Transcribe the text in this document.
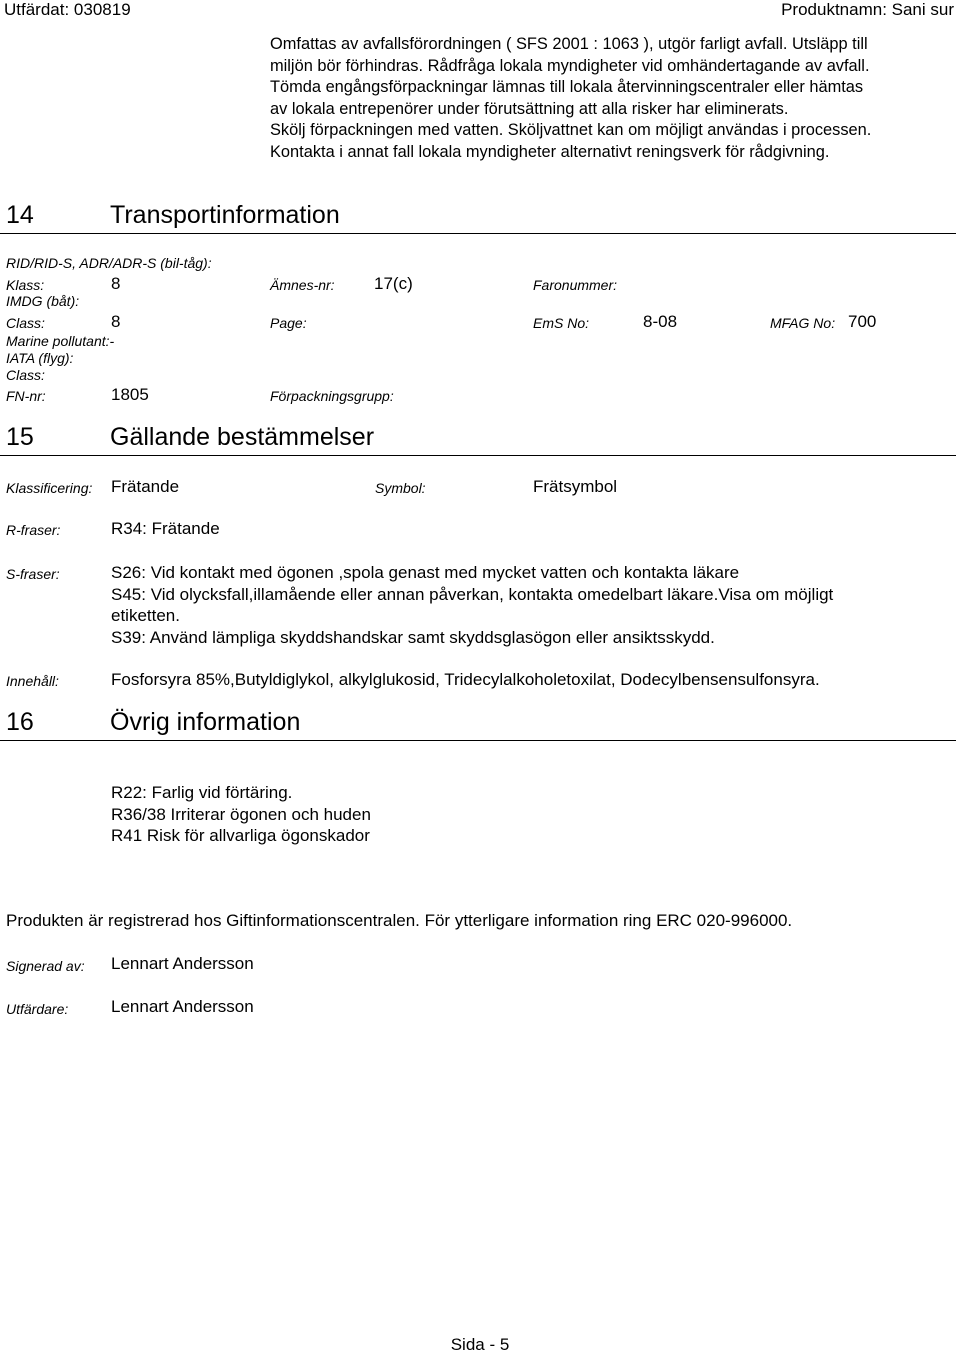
Utfärdat: 030819	Produktnamn: Sani sur
Omfattas av avfallsförordningen ( SFS 2001 : 1063 ), utgör farligt avfall. Utsläpp till
miljön bör förhindras. Rådfråga lokala myndigheter vid omhändertagande av avfall.
Tömda engångsförpackningar lämnas till lokala återvinningscentraler eller hämtas
av lokala entrepenörer under förutsättning att alla risker har eliminerats.
Skölj förpackningen med vatten. Sköljvattnet kan om möjligt användas i processen.
Kontakta i annat fall lokala myndigheter alternativt reningsverk för rådgivning.
14	Transportinformation
RID/RID-S, ADR/ADR-S (bil-tåg):
Klass:	8	Ämnes-nr: 17(c)	Faronummer:
IMDG (båt):
Class:	8	Page:	EmS No:	8-08	MFAG No: 700
Marine pollutant:-
IATA (flyg):
Class:
FN-nr:	1805	Förpackningsgrupp:
15	Gällande bestämmelser
Klassificering: Frätande	Symbol:	Frätsymbol
R-fraser:	R34: Frätande
S-fraser:	S26: Vid kontakt med ögonen ,spola genast med mycket vatten och kontakta läkare
S45: Vid olycksfall,illamående eller annan påverkan, kontakta omedelbart läkare.Visa om möjligt
etiketten.
S39: Använd lämpliga skyddshandskar samt skyddsglasögon eller ansiktsskydd.
Innehåll:	Fosforsyra 85%,Butyldiglykol, alkylglukosid, Tridecylalkoholetoxilat, Dodecylbensensulfonsyra.
16	Övrig information
R22: Farlig vid förtäring.
R36/38 Irriterar ögonen och huden
R41 Risk för allvarliga ögonskador
Produkten är registrerad hos Giftinformationscentralen. För ytterligare information ring ERC 020-996000.
Signerad av: Lennart Andersson
Utfärdare:	Lennart Andersson
Sida - 5
